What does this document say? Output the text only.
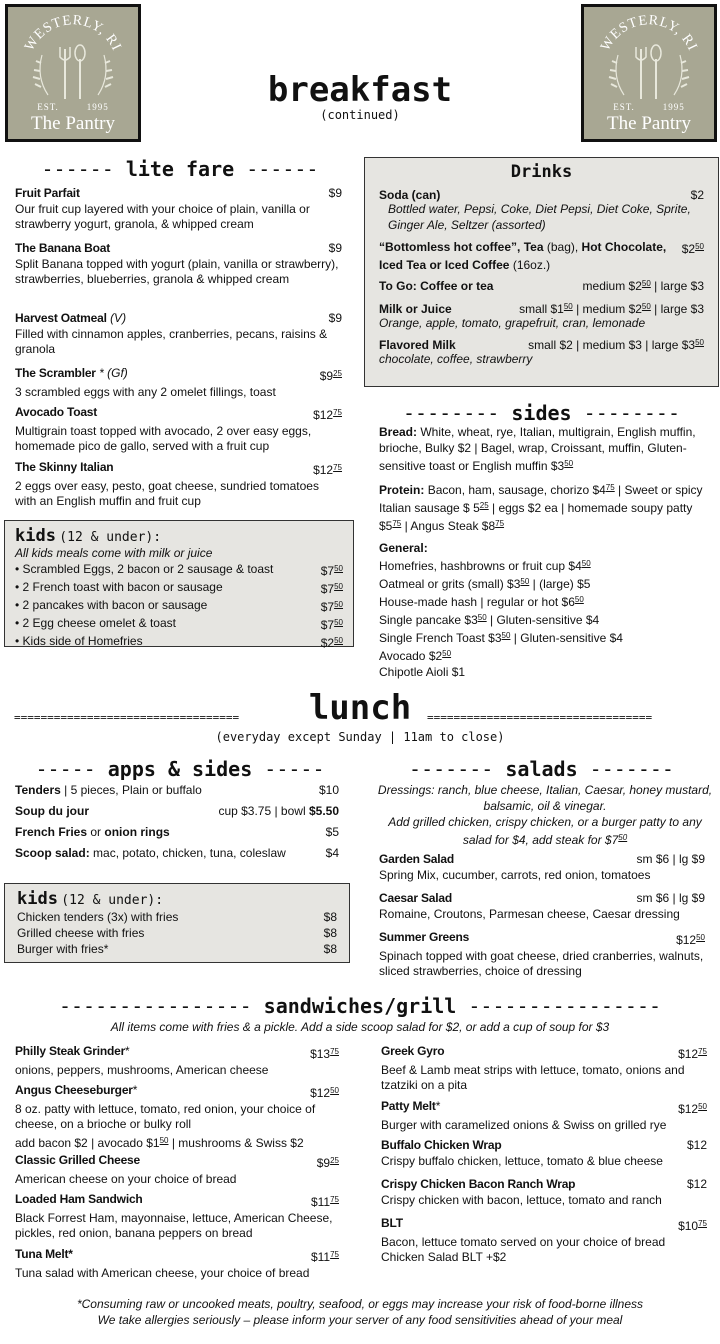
WESTERLY, RI
EST.	1995
The Pantry
WESTERLY, RI
EST.	1995
The Pantry
breakfast
(continued)
------ lite fare ------
Fruit Parfait	$9
Our fruit cup layered with your choice of plain, vanilla or strawberry yogurt, granola, & whipped cream
The Banana Boat	$9
Split Banana topped with yogurt (plain, vanilla or strawberry), strawberries, blueberries, granola & whipped cream
Harvest Oatmeal (V)	$9
Filled with cinnamon apples, cranberries, pecans, raisins & granola
The Scrambler * (Gf)	$\$9^{25}$
3 scrambled eggs with any 2 omelet fillings, toast
Avocado Toast	$\$12^{75}$
Multigrain toast topped with avocado, 2 over easy eggs, homemade pico de gallo, served with a fruit cup
The Skinny Italian	$\$12^{75}$
2 eggs over easy, pesto, goat cheese, sundried tomatoes with an English muffin and fruit cup
kids (12 & under):
All kids meals come with milk or juice
• Scrambled Eggs, 2 bacon or 2 sausage & toast	$\$7^{50}$
• 2 French toast with bacon or sausage	$\$7^{50}$
• 2 pancakes with bacon or sausage	$\$7^{50}$
• 2 Egg cheese omelet & toast	$\$7^{50}$
• Kids side of Homefries	$\$2^{50}$
Drinks
Soda (can)	$2
Bottled water, Pepsi, Coke, Diet Pepsi, Diet Coke, Sprite, Ginger Ale, Seltzer (assorted)
“Bottomless hot coffee”, Tea (bag), Hot Chocolate, $\$2^{50}$
Iced Tea or Iced Coffee (16oz.)
To Go: Coffee or tea	medium $\$2^{50}$ | large $3
Milk or Juice	small $\$1^{50}$ | medium $\$2^{50}$ | large $3
Orange, apple, tomato, grapefruit, cran, lemonade
Flavored Milk	small $2 | medium $3 | large $\$3^{50}$
chocolate, coffee, strawberry
-------- sides --------
Bread: White, wheat, rye, Italian, multigrain, English muffin, brioche, Bulky $2 | Bagel, wrap, Croissant, muffin, Gluten-sensitive toast or English muffin $\$3^{50}$
Protein: Bacon, ham, sausage, chorizo $\$4^{75}$ | Sweet or spicy Italian sausage $ $5^{25}$ | eggs $2 ea | homemade soupy patty $\$5^{75}$ | Angus Steak $\$8^{75}$
General:
Homefries, hashbrowns or fruit cup $\$4^{50}$
Oatmeal or grits (small) $\$3^{50}$ | (large) $5
House-made hash | regular or hot $\$6^{50}$
Single pancake $\$3^{50}$ | Gluten-sensitive $4
Single French Toast $\$3^{50}$ | Gluten-sensitive $4
Avocado $\$2^{50}$
Chipotle Aioli $1
==================================	==================================
lunch
(everyday except Sunday | 11am to close)
----- apps & sides -----
Tenders | 5 pieces, Plain or buffalo	$10
Soup du jour	cup $3.75 | bowl $5.50
French Fries or onion rings	$5
Scoop salad: mac, potato, chicken, tuna, coleslaw	$4
kids (12 & under):
Chicken tenders (3x) with fries	$8
Grilled cheese with fries	$8
Burger with fries*	$8
------- salads -------
Dressings: ranch, blue cheese, Italian, Caesar, honey mustard, balsamic, oil & vinegar.
Add grilled chicken, crispy chicken, or a burger patty to any salad for $4, add steak for $\$7^{50}$
Garden Salad	sm $6 | lg $9
Spring Mix, cucumber, carrots, red onion, tomatoes
Caesar Salad	sm $6 | lg $9
Romaine, Croutons, Parmesan cheese, Caesar dressing
Summer Greens	$\$12^{50}$
Spinach topped with goat cheese, dried cranberries, walnuts, sliced strawberries, choice of dressing
---------------- sandwiches/grill ----------------
All items come with fries & a pickle. Add a side scoop salad for $2, or add a cup of soup for $3
Philly Steak Grinder*	$\$13^{75}$
onions, peppers, mushrooms, American cheese
Angus Cheeseburger*	$\$12^{50}$
8 oz. patty with lettuce, tomato, red onion, your choice of cheese, on a brioche or bulky roll
add bacon $2 | avocado $\$1^{50}$ | mushrooms & Swiss $2
Classic Grilled Cheese	$\$9^{25}$
American cheese on your choice of bread
Loaded Ham Sandwich	$\$11^{75}$
Black Forrest Ham, mayonnaise, lettuce, American Cheese, pickles, red onion, banana peppers on bread
Tuna Melt*	$\$11^{75}$
Tuna salad with American cheese, your choice of bread
Greek Gyro	$\$12^{75}$
Beef & Lamb meat strips with lettuce, tomato, onions and tzatziki on a pita
Patty Melt*	$\$12^{50}$
Burger with caramelized onions & Swiss on grilled rye
Buffalo Chicken Wrap	$12
Crispy buffalo chicken, lettuce, tomato & blue cheese
Crispy Chicken Bacon Ranch Wrap	$12
Crispy chicken with bacon, lettuce, tomato and ranch
BLT	$\$10^{75}$
Bacon, lettuce tomato served on your choice of bread
Chicken Salad BLT +$2
*Consuming raw or uncooked meats, poultry, seafood, or eggs may increase your risk of food-borne illness
We take allergies seriously – please inform your server of any food sensitivities ahead of your meal
